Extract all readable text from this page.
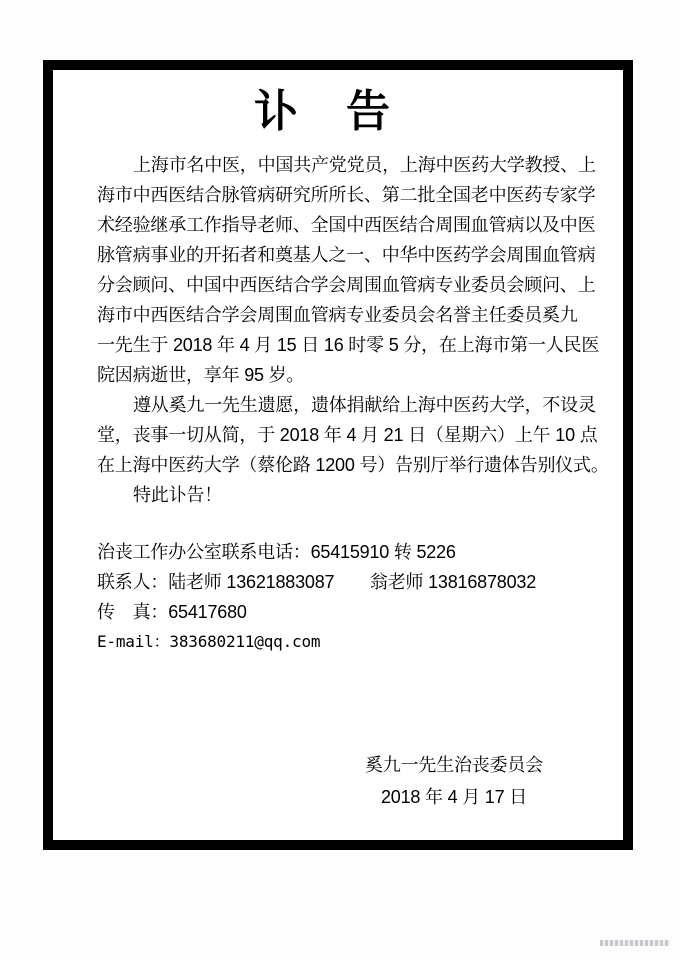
讣　告
上海市名中医，中国共产党党员，上海中医药大学教授、上
海市中西医结合脉管病研究所所长、第二批全国老中医药专家学
术经验继承工作指导老师、全国中西医结合周围血管病以及中医
脉管病事业的开拓者和奠基人之一、中华中医药学会周围血管病
分会顾问、中国中西医结合学会周围血管病专业委员会顾问、上
海市中西医结合学会周围血管病专业委员会名誉主任委员奚九
一先生于 2018 年 4 月 15 日 16 时零 5 分，在上海市第一人民医
院因病逝世，享年 95 岁。
遵从奚九一先生遗愿，遗体捐献给上海中医药大学，不设灵
堂，丧事一切从简，于 2018 年 4 月 21 日（星期六）上午 10 点
在上海中医药大学（蔡伦路 1200 号）告别厅举行遗体告别仪式。
特此讣告！
治丧工作办公室联系电话：65415910 转 5226
联系人：陆老师 13621883087　　翁老师 13816878032
传　真：65417680
E-mail：383680211@qq.com
奚九一先生治丧委员会
2018 年 4 月 17 日
